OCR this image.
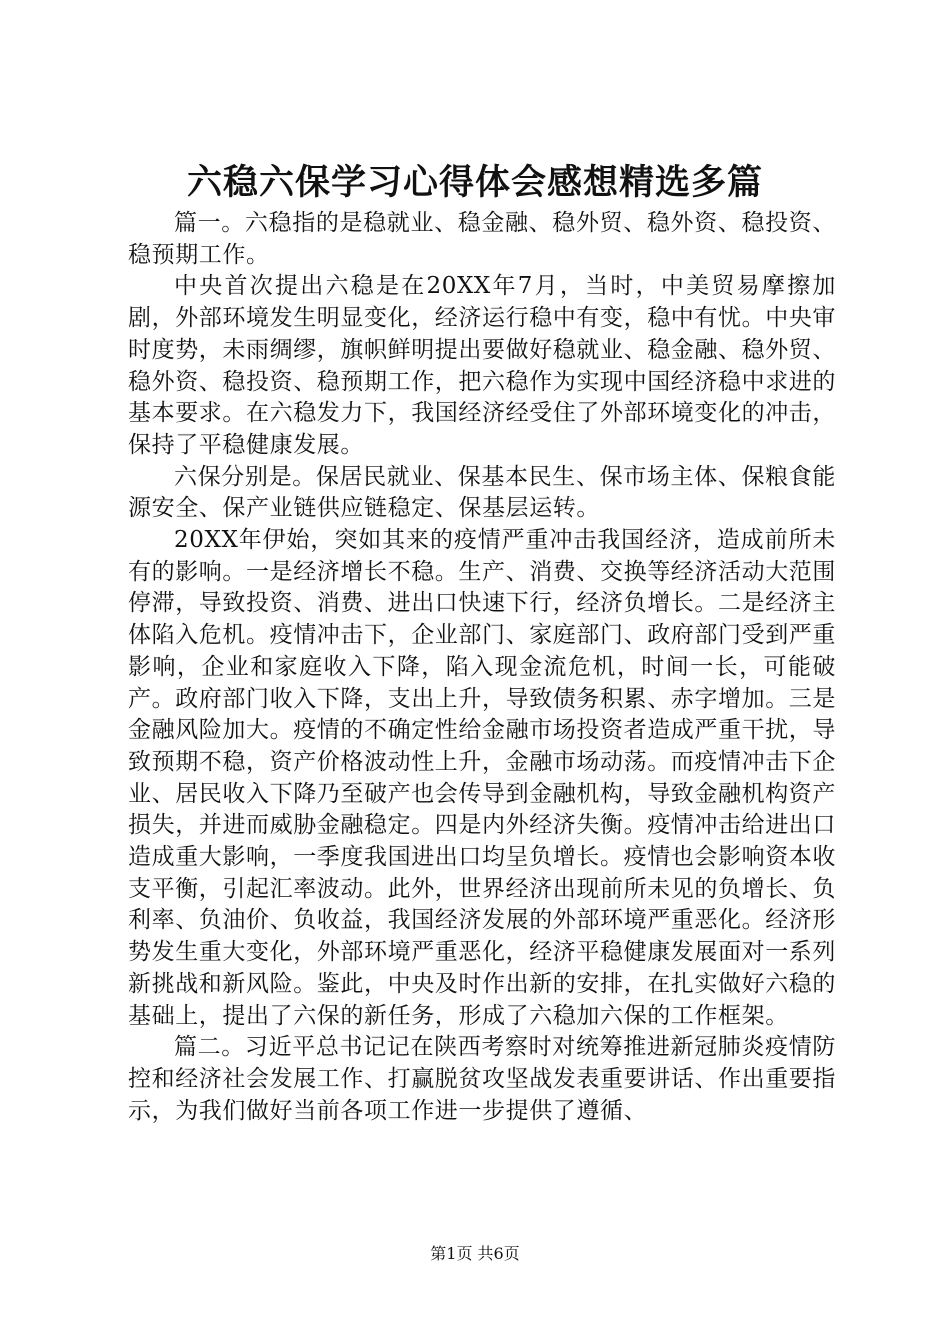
六稳六保学习心得体会感想精选多篇

篇一。六稳指的是稳就业、稳金融、稳外贸、稳外资、稳投资、稳预期工作。

中央首次提出六稳是在20XX年7月，当时，中美贸易摩擦加剧，外部环境发生明显变化，经济运行稳中有变，稳中有忧。中央审时度势，未雨绸缪，旗帜鲜明提出要做好稳就业、稳金融、稳外贸、稳外资、稳投资、稳预期工作，把六稳作为实现中国经济稳中求进的基本要求。在六稳发力下，我国经济经受住了外部环境变化的冲击，保持了平稳健康发展。

六保分别是。保居民就业、保基本民生、保市场主体、保粮食能源安全、保产业链供应链稳定、保基层运转。

20XX年伊始，突如其来的疫情严重冲击我国经济，造成前所未有的影响。一是经济增长不稳。生产、消费、交换等经济活动大范围停滞，导致投资、消费、进出口快速下行，经济负增长。二是经济主体陷入危机。疫情冲击下，企业部门、家庭部门、政府部门受到严重影响，企业和家庭收入下降，陷入现金流危机，时间一长，可能破产。政府部门收入下降，支出上升，导致债务积累、赤字增加。三是金融风险加大。疫情的不确定性给金融市场投资者造成严重干扰，导致预期不稳，资产价格波动性上升，金融市场动荡。而疫情冲击下企业、居民收入下降乃至破产也会传导到金融机构，导致金融机构资产损失，并进而威胁金融稳定。四是内外经济失衡。疫情冲击给进出口造成重大影响，一季度我国进出口均呈负增长。疫情也会影响资本收支平衡，引起汇率波动。此外，世界经济出现前所未见的负增长、负利率、负油价、负收益，我国经济发展的外部环境严重恶化。经济形势发生重大变化，外部环境严重恶化，经济平稳健康发展面对一系列新挑战和新风险。鉴此，中央及时作出新的安排，在扎实做好六稳的基础上，提出了六保的新任务，形成了六稳加六保的工作框架。

篇二。习近平总书记记在陕西考察时对统筹推进新冠肺炎疫情防控和经济社会发展工作、打赢脱贫攻坚战发表重要讲话、作出重要指示，为我们做好当前各项工作进一步提供了遵循、

第1页 共6页
